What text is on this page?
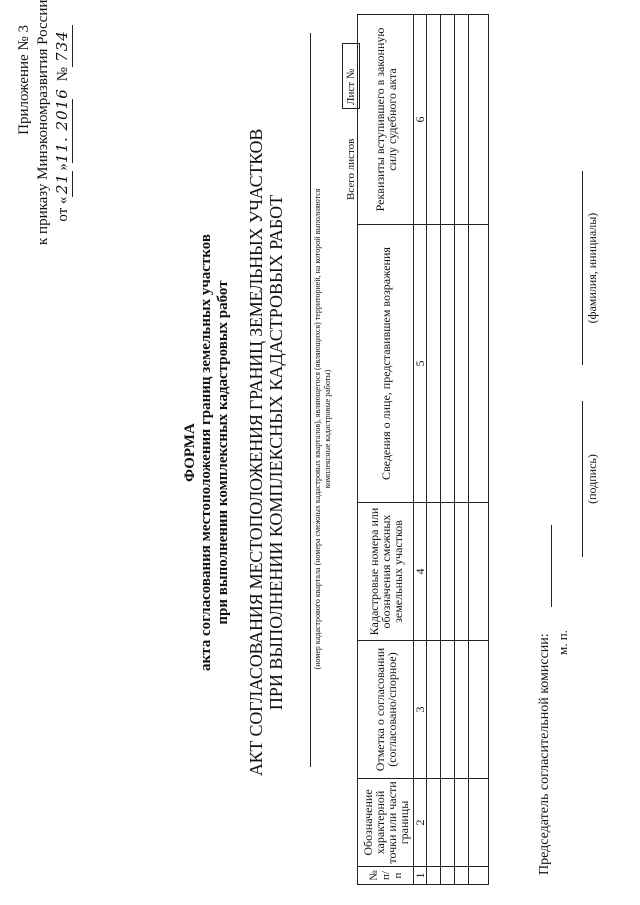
Приложение № 3 к приказу Минэкономразвития России от «21»11. 2016 №734
ФОРМА акта согласования местоположения границ земельных участков при выполнении комплексных кадастровых работ АКТ СОГЛАСОВАНИЯ МЕСТОПОЛОЖЕНИЯ ГРАНИЦ ЗЕМЕЛЬНЫХ УЧАСТКОВ ПРИ ВЫПОЛНЕНИИ КОМПЛЕКСНЫХ КАДАСТРОВЫХ РАБОТ	(номер кадастрового квартала (номера смежных кадастровых кварталов), являющегося (являющихся) территорией, на которой выполняются комплексные кадастровые работы)
Всего листов	Лист №
№ п/п	Обозначение характерной точки или части границы	Отметка о согласовании (согласовано/спорное)	Кадастровые номера или обозначения смежных земельных участков	Сведения о лице, представившем возражения	Реквизиты вступившего в законную силу судебного акта
1	2	3	4	5	6

Председатель согласительной комиссии: м. п.
(подпись)
(фамилия, инициалы)
